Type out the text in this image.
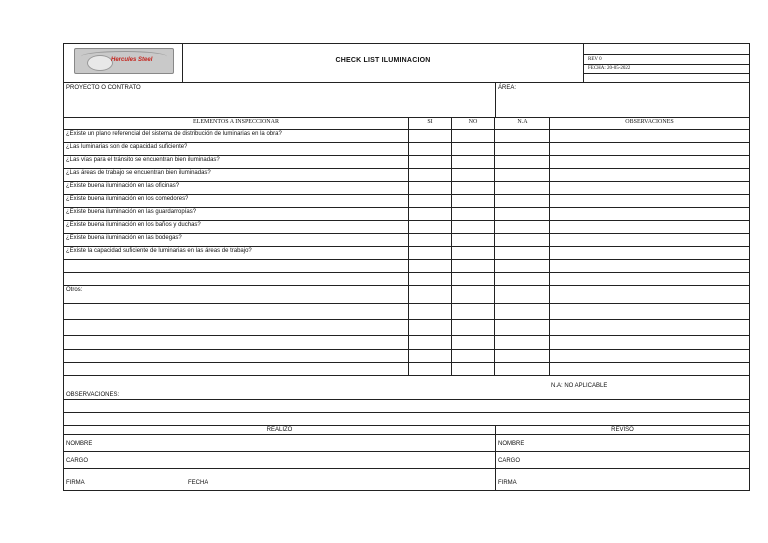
Hercules Steel	CHECK LIST ILUMINACION	REV 0
FECHA: 20-05-2022
PROYECTO O CONTRATO	ÁREA:
ELEMENTOS A INSPECCIONAR	SI	NO	N.A	OBSERVACIONES
¿Existe un plano referencial del sistema de distribución de luminarias en la obra?
¿Las luminarias son de capacidad suficiente?
¿Las vías para el tránsito se encuentran bien iluminadas?
¿Las áreas de trabajo se encuentran bien iluminadas?
¿Existe buena iluminación en las oficinas?
¿Existe buena iluminación en los comedores?
¿Existe buena iluminación en las guardarropías?
¿Existe buena iluminación en los baños y duchas?
¿Existe buena iluminación en las bodegas?
¿Existe la capacidad suficiente de luminarias en las áreas de trabajo?
Otros:
N.A: NO APLICABLE
OBSERVACIONES:
REALIZÓ	REVISÓ
NOMBRE	NOMBRE
CARGO	CARGO
FIRMA	FECHA	FIRMA
